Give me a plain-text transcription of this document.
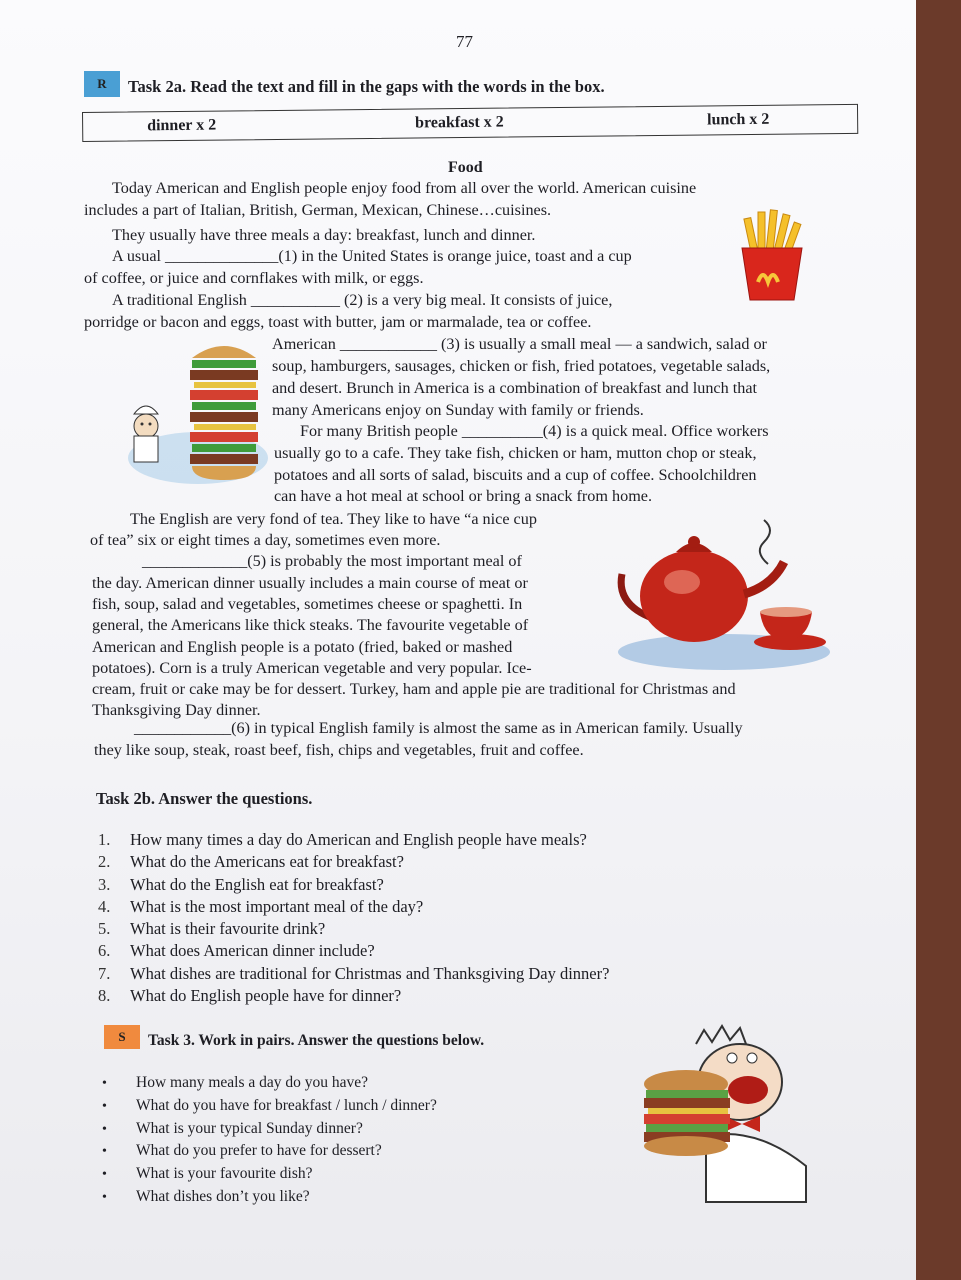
77
R	Task 2a. Read the text and fill in the gaps with the words in the box.
dinner x 2	breakfast x 2	lunch x 2
Food
Today American and English people enjoy food from all over the world. American cuisine
includes a part of Italian, British, German, Mexican, Chinese…cuisines.
They usually have three meals a day: breakfast, lunch and dinner.
A usual ______________(1) in the United States is orange juice, toast and a cup
of coffee, or juice and cornflakes with milk, or eggs.
A traditional English ___________ (2) is a very big meal. It consists of juice,
porridge or bacon and eggs, toast with butter, jam or marmalade, tea or coffee.
American ____________ (3) is usually a small meal — a sandwich, salad or
soup, hamburgers, sausages, chicken or fish, fried potatoes, vegetable salads,
and desert. Brunch in America is a combination of breakfast and lunch that
many Americans enjoy on Sunday with family or friends.
For many British people __________(4) is a quick meal. Office workers
usually go to a cafe. They take fish, chicken or ham, mutton chop or steak,
potatoes and all sorts of salad, biscuits and a cup of coffee. Schoolchildren
can have a hot meal at school or bring a snack from home.
The English are very fond of tea. They like to have “a nice cup
of tea” six or eight times a day, sometimes even more.
_____________(5) is probably the most important meal of
the day. American dinner usually includes a main course of meat or
fish, soup, salad and vegetables, sometimes cheese or spaghetti. In
general, the Americans like thick steaks. The favourite vegetable of
American and English people is a potato (fried, baked or mashed
potatoes). Corn is a truly American vegetable and very popular. Ice-
cream, fruit or cake may be for dessert. Turkey, ham and apple pie are traditional for Christmas and
Thanksgiving Day dinner.
____________(6) in typical English family is almost the same as in American family. Usually
they like soup, steak, roast beef, fish, chips and vegetables, fruit and coffee.
Task 2b. Answer the questions.
1. How many times a day do American and English people have meals?
2. What do the Americans eat for breakfast?
3. What do the English eat for breakfast?
4. What is the most important meal of the day?
5. What is their favourite drink?
6. What does American dinner include?
7. What dishes are traditional for Christmas and Thanksgiving Day dinner?
8. What do English people have for dinner?
S	Task 3. Work in pairs. Answer the questions below.
• How many meals a day do you have?
• What do you have for breakfast / lunch / dinner?
• What is your typical Sunday dinner?
• What do you prefer to have for dessert?
• What is your favourite dish?
• What dishes don’t you like?
